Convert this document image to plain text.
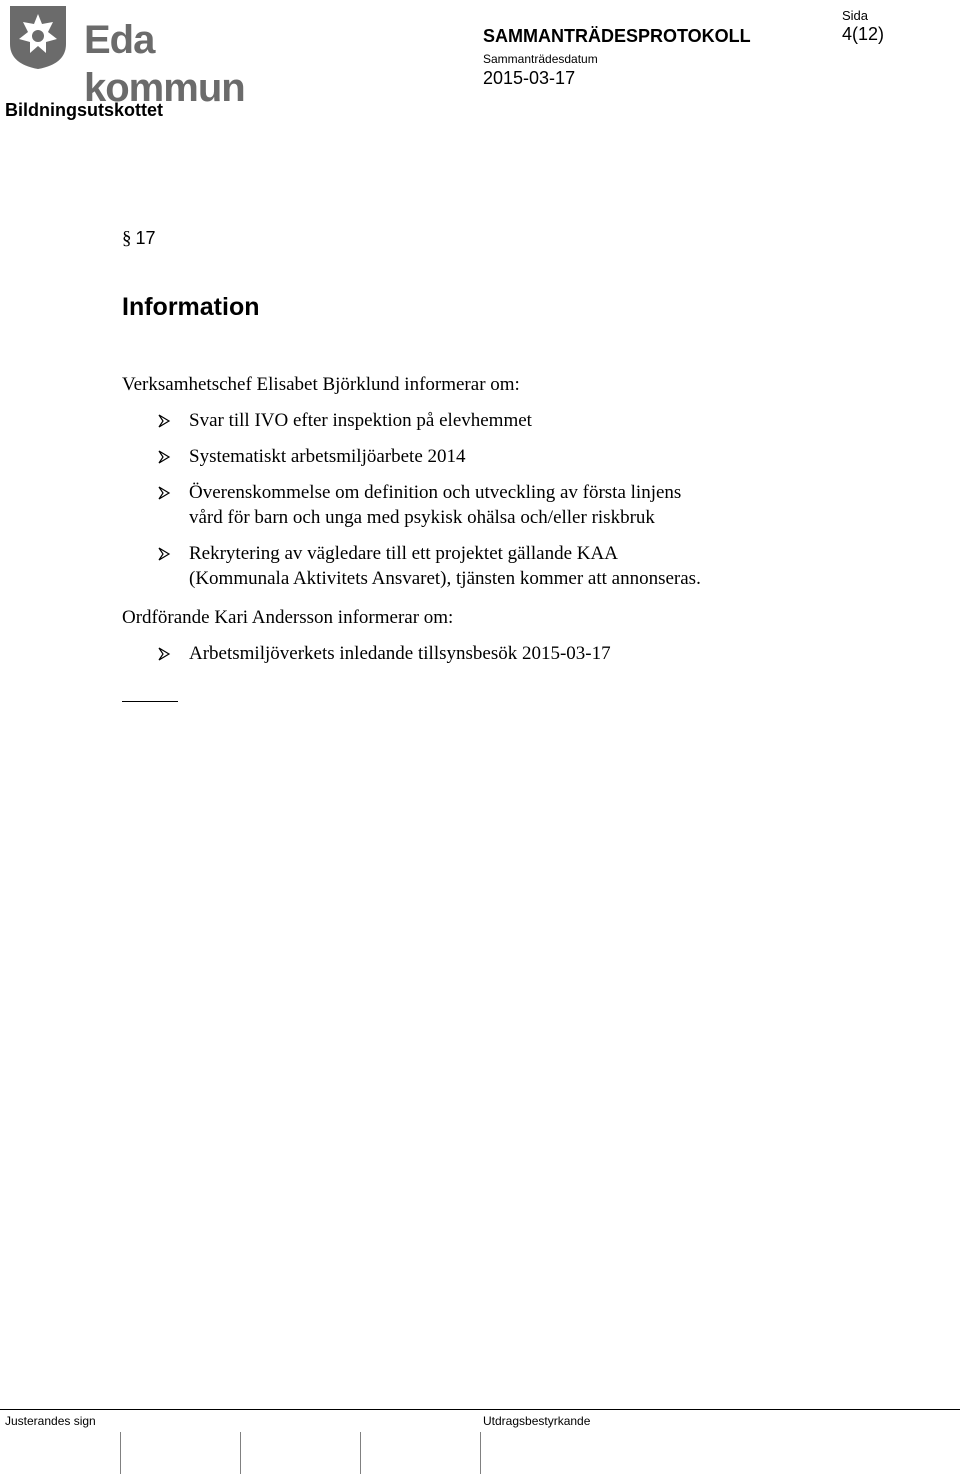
Eda kommun
SAMMANTRÄDESPROTOKOLL
Sammanträdesdatum
2015-03-17
Sida
4(12)
Bildningsutskottet
§ 17
Information
Verksamhetschef Elisabet Björklund informerar om:
Svar till IVO efter inspektion på elevhemmet
Systematiskt arbetsmiljöarbete 2014
Överenskommelse om definition och utveckling av första linjens
vård för barn och unga med psykisk ohälsa och/eller riskbruk
Rekrytering av vägledare till ett projektet gällande KAA
(Kommunala Aktivitets Ansvaret), tjänsten kommer att annonseras.
Ordförande Kari Andersson informerar om:
Arbetsmiljöverkets inledande tillsynsbesök 2015-03-17
Justerandes sign	Utdragsbestyrkande
